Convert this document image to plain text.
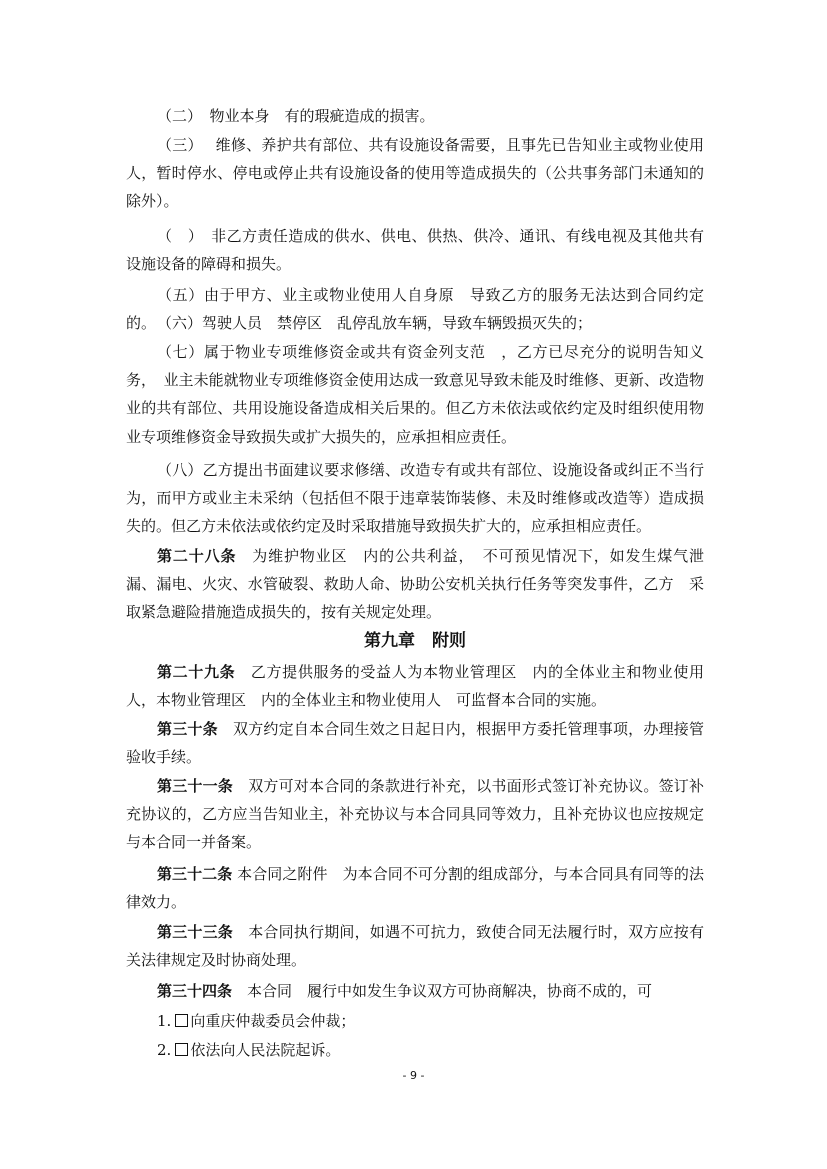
（二）　物业本身　有的瑕疵造成的损害。

（三）　 维修、养护共有部位、共有设施设备需要，且事先已告知业主或物业使用人，暂时停水、停电或停止共有设施设备的使用等造成损失的（公共事务部门未通知的除外）。

（　）　非乙方责任造成的供水、供电、供热、供冷、通讯、有线电视及其他共有设施设备的障碍和损失。

（五）由于甲方、业主或物业使用人自身原　导致乙方的服务无法达到合同约定的。 （六）驾驶人员　禁停区　乱停乱放车辆，导致车辆毁损灭失的；

（七）属于物业专项维修资金或共有资金列支范　，乙方已尽充分的说明告知义务，　业主未能就物业专项维修资金使用达成一致意见导致未能及时维修、更新、改造物业的共有部位、共用设施设备造成相关后果的。但乙方未依法或依约定及时组织使用物业专项维修资金导致损失或扩大损失的，应承担相应责任。

（八）乙方提出书面建议要求修缮、改造专有或共有部位、设施设备或纠正不当行为，而甲方或业主未采纳（包括但不限于违章装饰装修、未及时维修或改造等）造成损失的。但乙方未依法或依约定及时采取措施导致损失扩大的，应承担相应责任。

第二十八条　为维护物业区　内的公共利益，　不可预见情况下，如发生煤气泄漏、漏电、火灾、水管破裂、救助人命、协助公安机关执行任务等突发事件，乙方　采取紧急避险措施造成损失的，按有关规定处理。

第九章　附则

第二十九条　乙方提供服务的受益人为本物业管理区　内的全体业主和物业使用人，本物业管理区　内的全体业主和物业使用人　可监督本合同的实施。

第三十条　双方约定自本合同生效之日起日内，根据甲方委托管理事项，办理接管验收手续。

第三十一条　双方可对本合同的条款进行补充，以书面形式签订补充协议。签订补充协议的，乙方应当告知业主，补充协议与本合同具同等效力，且补充协议也应按规定与本合同一并备案。

第三十二条 本合同之附件　为本合同不可分割的组成部分，与本合同具有同等的法律效力。

第三十三条　本合同执行期间，如遇不可抗力，致使合同无法履行时，双方应按有关法律规定及时协商处理。

第三十四条　本合同　履行中如发生争议双方可协商解决，协商不成的，可

1. 向重庆仲裁委员会仲裁；

2. 依法向人民法院起诉。

- 9 -
